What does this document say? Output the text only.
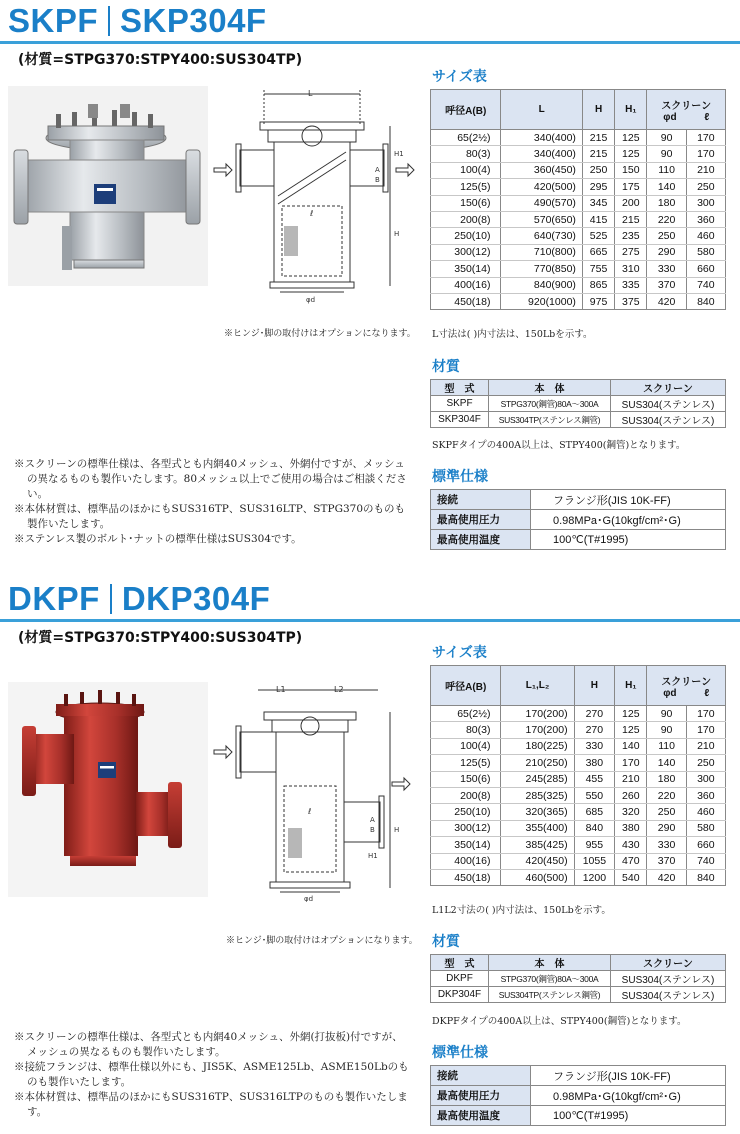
SKPF SKP304F
(材質=STPG370:STPY400:SUS304TP)
L
φd
H1
H
A
B
ℓ
※ヒンジ･脚の取付けはオプションになります。
サイズ表
呼径A(B)	L	H	H₁	スクリーン
φd ℓ	

65(2½)	340(400)	215	125	90	170
80(3)	340(400)	215	125	90	170
100(4)	360(450)	250	150	110	210
125(5)	420(500)	295	175	140	250
150(6)	490(570)	345	200	180	300
200(8)	570(650)	415	215	220	360
250(10)	640(730)	525	235	250	460
300(12)	710(800)	665	275	290	580
350(14)	770(850)	755	310	330	660
400(16)	840(900)	865	335	370	740
450(18)	920(1000)	975	375	420	840
L寸法は( )内寸法は、150Lbを示す。
材質
型　式	本　体	スクリーン
SKPF	STPG370(鋼管)80A～300A	SUS304(ステンレス)
SKP304F	SUS304TP(ステンレス鋼管)	SUS304(ステンレス)
SKPFタイプの400A以上は、STPY400(鋼管)となります。
標準仕様
接続	フランジ形(JIS 10K-FF)
最高使用圧力	0.98MPa･G(10kgf/cm²･G)
最高使用温度	100℃(T#1995)

※スクリーンの標準仕様は、各型式とも内網40メッシュ、外網付ですが、メッシュの異なるものも製作いたします。80メッシュ以上でご使用の場合はご相談ください。

※本体材質は、標準品のほかにもSUS316TP、SUS316LTP、STPG370のものも製作いたします。

※ステンレス製のボルト･ナットの標準仕様はSUS304です。

DKPF DKP304F
(材質=STPG370:STPY400:SUS304TP)
L1	L2
φd
H
H1
A
B
ℓ
※ヒンジ･脚の取付けはオプションになります。
サイズ表
呼径A(B)	L₁,L₂	H	H₁	スクリーン
φd ℓ	

65(2½)	170(200)	270	125	90	170
80(3)	170(200)	270	125	90	170
100(4)	180(225)	330	140	110	210
125(5)	210(250)	380	170	140	250
150(6)	245(285)	455	210	180	300
200(8)	285(325)	550	260	220	360
250(10)	320(365)	685	320	250	460
300(12)	355(400)	840	380	290	580
350(14)	385(425)	955	430	330	660
400(16)	420(450)	1055	470	370	740
450(18)	460(500)	1200	540	420	840
L1L2寸法の( )内寸法は、150Lbを示す。
材質
型　式	本　体	スクリーン
DKPF	STPG370(鋼管)80A～300A	SUS304(ステンレス)
DKP304F	SUS304TP(ステンレス鋼管)	SUS304(ステンレス)
DKPFタイプの400A以上は、STPY400(鋼管)となります。
標準仕様
接続	フランジ形(JIS 10K-FF)
最高使用圧力	0.98MPa･G(10kgf/cm²･G)
最高使用温度	100℃(T#1995)

※スクリーンの標準仕様は、各型式とも内網40メッシュ、外網(打抜板)付ですが、メッシュの異なるものも製作いたします。

※接続フランジは、標準仕様以外にも、JIS5K、ASME125Lb、ASME150Lbのものも製作いたします。

※本体材質は、標準品のほかにもSUS316TP、SUS316LTPのものも製作いたします。
